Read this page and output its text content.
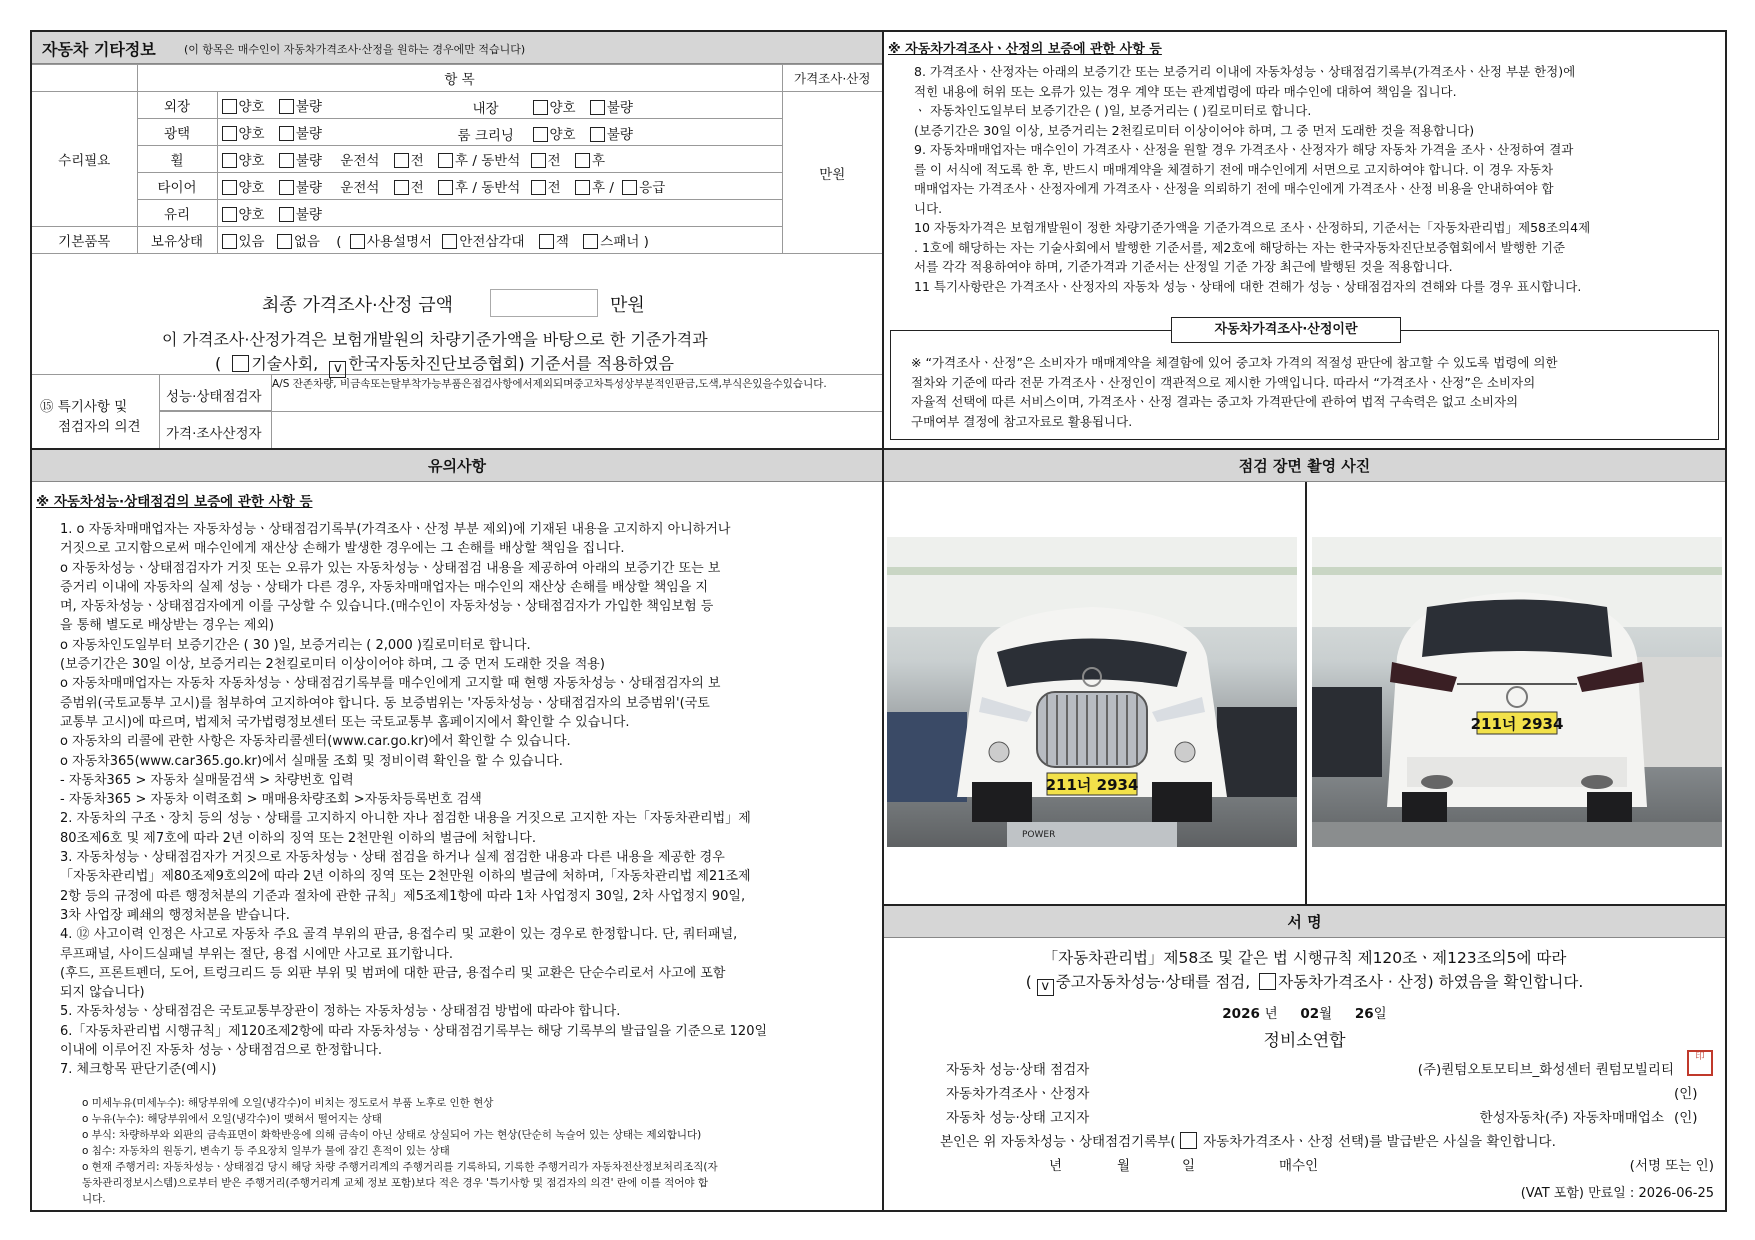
자동차 기타정보	(이 항목은 매수인이 자동차가격조사·산정을 원하는 경우에만 적습니다)
	항 목		가격조사·산정
수리필요	외장	양호 불량 내장 양호 불량	만원
	광택	양호 불량 룸 크리닝 양호 불량	

	휠	양호 불량 운전석 전 후 / 동반석 전 후	
	타이어	양호 불량 운전석 전 후 / 동반석 전 후 / 응급	
	유리	양호 불량	
기본품목	보유상태	있음 없음 ( 사용설명서 안전삼각대 잭 스패너 )	
최종 가격조사·산정 금액	만원
이 가격조사·산정가격은 보험개발원의 차량기준가액을 바탕으로 한 기준가격과
( 기술사회, v 한국자동차진단보증협회) 기준서를 적용하였음
⑮ 특기사항 및
점검자의 의견
성능·상태점검자
A/S 잔존차량, 비금속또는탈부착가능부품은점검사항에서제외되며중고차특성상부분적인판금,도색,부식은있을수있습니다.
가격·조사산정자
※ 자동차가격조사ㆍ산정의 보증에 관한 사항 등
8. 가격조사ㆍ산정자는 아래의 보증기간 또는 보증거리 이내에 자동차성능ㆍ상태점검기록부(가격조사ㆍ산정 부분 한정)에
적힌 내용에 허위 또는 오류가 있는 경우 계약 또는 관계법령에 따라 매수인에 대하여 책임을 집니다.
ㆍ 자동차인도일부터 보증기간은 ( )일, 보증거리는 ( )킬로미터로 합니다.
(보증기간은 30일 이상, 보증거리는 2천킬로미터 이상이어야 하며, 그 중 먼저 도래한 것을 적용합니다)
9. 자동차매매업자는 매수인이 가격조사ㆍ산정을 원할 경우 가격조사ㆍ산정자가 해당 자동차 가격을 조사ㆍ산정하여 결과
를 이 서식에 적도록 한 후, 반드시 매매계약을 체결하기 전에 매수인에게 서면으로 고지하여야 합니다. 이 경우 자동차
매매업자는 가격조사ㆍ산정자에게 가격조사ㆍ산정을 의뢰하기 전에 매수인에게 가격조사ㆍ산정 비용을 안내하여야 합
니다.
10 자동차가격은 보험개발원이 정한 차량기준가액을 기준가격으로 조사ㆍ산정하되, 기준서는「자동차관리법」제58조의4제
. 1호에 해당하는 자는 기술사회에서 발행한 기준서를, 제2호에 해당하는 자는 한국자동차진단보증협회에서 발행한 기준
서를 각각 적용하여야 하며, 기준가격과 기준서는 산정일 기준 가장 최근에 발행된 것을 적용합니다.
11 특기사항란은 가격조사ㆍ산정자의 자동차 성능ㆍ상태에 대한 견해가 성능ㆍ상태점검자의 견해와 다를 경우 표시합니다.
자동차가격조사·산정이란
※ “가격조사ㆍ산정”은 소비자가 매매계약을 체결함에 있어 중고차 가격의 적절성 판단에 참고할 수 있도록 법령에 의한
절차와 기준에 따라 전문 가격조사ㆍ산정인이 객관적으로 제시한 가액입니다. 따라서 “가격조사ㆍ산정”은 소비자의
자율적 선택에 따른 서비스이며, 가격조사ㆍ산정 결과는 중고차 가격판단에 관하여 법적 구속력은 없고 소비자의
구매여부 결정에 참고자료로 활용됩니다.
유의사항
※ 자동차성능·상태점검의 보증에 관한 사항 등
1. ο 자동차매매업자는 자동차성능ㆍ상태점검기록부(가격조사ㆍ산정 부분 제외)에 기재된 내용을 고지하지 아니하거나
거짓으로 고지함으로써 매수인에게 재산상 손해가 발생한 경우에는 그 손해를 배상할 책임을 집니다.
ο 자동차성능ㆍ상태점검자가 거짓 또는 오류가 있는 자동차성능ㆍ상태점검 내용을 제공하여 아래의 보증기간 또는 보
증거리 이내에 자동차의 실제 성능ㆍ상태가 다른 경우, 자동차매매업자는 매수인의 재산상 손해를 배상할 책임을 지
며, 자동차성능ㆍ상태점검자에게 이를 구상할 수 있습니다.(매수인이 자동차성능ㆍ상태점검자가 가입한 책임보험 등
을 통해 별도로 배상받는 경우는 제외)
ο 자동차인도일부터 보증기간은 ( 30 )일, 보증거리는 ( 2,000 )킬로미터로 합니다.
(보증기간은 30일 이상, 보증거리는 2천킬로미터 이상이어야 하며, 그 중 먼저 도래한 것을 적용)
ο 자동차매매업자는 자동차 자동차성능ㆍ상태점검기록부를 매수인에게 고지할 때 현행 자동차성능ㆍ상태점검자의 보
증범위(국토교통부 고시)를 첨부하여 고지하여야 합니다. 동 보증범위는 '자동차성능ㆍ상태점검자의 보증범위'(국토
교통부 고시)에 따르며, 법제처 국가법령정보센터 또는 국토교통부 홈페이지에서 확인할 수 있습니다.
ο 자동차의 리콜에 관한 사항은 자동차리콜센터(www.car.go.kr)에서 확인할 수 있습니다.
ο 자동차365(www.car365.go.kr)에서 실매물 조회 및 정비이력 확인을 할 수 있습니다.
- 자동차365 > 자동차 실매물검색 > 차량번호 입력
- 자동차365 > 자동차 이력조회 > 매매용차량조회 >자동차등록번호 검색
2. 자동차의 구조ㆍ장치 등의 성능ㆍ상태를 고지하지 아니한 자나 점검한 내용을 거짓으로 고지한 자는「자동차관리법」제
80조제6호 및 제7호에 따라 2년 이하의 징역 또는 2천만원 이하의 벌금에 처합니다.
3. 자동차성능ㆍ상태점검자가 거짓으로 자동차성능ㆍ상태 점검을 하거나 실제 점검한 내용과 다른 내용을 제공한 경우
「자동차관리법」제80조제9호의2에 따라 2년 이하의 징역 또는 2천만원 이하의 벌금에 처하며,「자동차관리법 제21조제
2항 등의 규정에 따른 행정처분의 기준과 절차에 관한 규칙」제5조제1항에 따라 1차 사업정지 30일, 2차 사업정지 90일,
3차 사업장 폐쇄의 행정처분을 받습니다.
4. ⑫ 사고이력 인정은 사고로 자동차 주요 골격 부위의 판금, 용접수리 및 교환이 있는 경우로 한정합니다. 단, 쿼터패널,
루프패널, 사이드실패널 부위는 절단, 용접 시에만 사고로 표기합니다.
(후드, 프론트펜더, 도어, 트렁크리드 등 외판 부위 및 범퍼에 대한 판금, 용접수리 및 교환은 단순수리로서 사고에 포함
되지 않습니다)
5. 자동차성능ㆍ상태점검은 국토교통부장관이 정하는 자동차성능ㆍ상태점검 방법에 따라야 합니다.
6.「자동차관리법 시행규칙」제120조제2항에 따라 자동차성능ㆍ상태점검기록부는 해당 기록부의 발급일을 기준으로 120일
이내에 이루어진 자동차 성능ㆍ상태점검으로 한정합니다.
7. 체크항목 판단기준(예시)
ο 미세누유(미세누수): 해당부위에 오일(냉각수)이 비치는 정도로서 부품 노후로 인한 현상
ο 누유(누수): 해당부위에서 오일(냉각수)이 맺혀서 떨어지는 상태
ο 부식: 차량하부와 외판의 금속표면이 화학반응에 의해 금속이 아닌 상태로 상실되어 가는 현상(단순히 녹슬어 있는 상태는 제외합니다)
ο 침수: 자동차의 원동기, 변속기 등 주요장치 일부가 물에 잠긴 흔적이 있는 상태
ο 현재 주행거리: 자동차성능ㆍ상태점검 당시 해당 차량 주행거리계의 주행거리를 기록하되, 기록한 주행거리가 자동차전산정보처리조직(자
동차관리정보시스템)으로부터 받은 주행거리(주행거리계 교체 정보 포함)보다 적은 경우 '특기사항 및 점검자의 의견' 란에 이를 적어야 합
니다.
점검 장면 촬영 사진
211너 2934
POWER
211너 2934
서 명
「자동차관리법」제58조 및 같은 법 시행규칙 제120조ㆍ제123조의5에 따라
( v 중고자동차성능·상태를 점검, 자동차가격조사 · 산정) 하였음을 확인합니다.
2026 년 02월 26일
정비소연합
자동차 성능·상태 점검자	(주)퀀텀오토모티브_화성센터 퀀텀모빌리티
印
자동차가격조사ㆍ산정자	(인)
자동차 성능·상태 고지자	한성자동차(주) 자동차매매업소 (인)
본인은 위 자동차성능ㆍ상태점검기록부( 자동차가격조사ㆍ산정 선택)를 발급받은 사실을 확인합니다.
년	월	일	매수인	(서명 또는 인)
(VAT 포함) 만료일 : 2026-06-25
